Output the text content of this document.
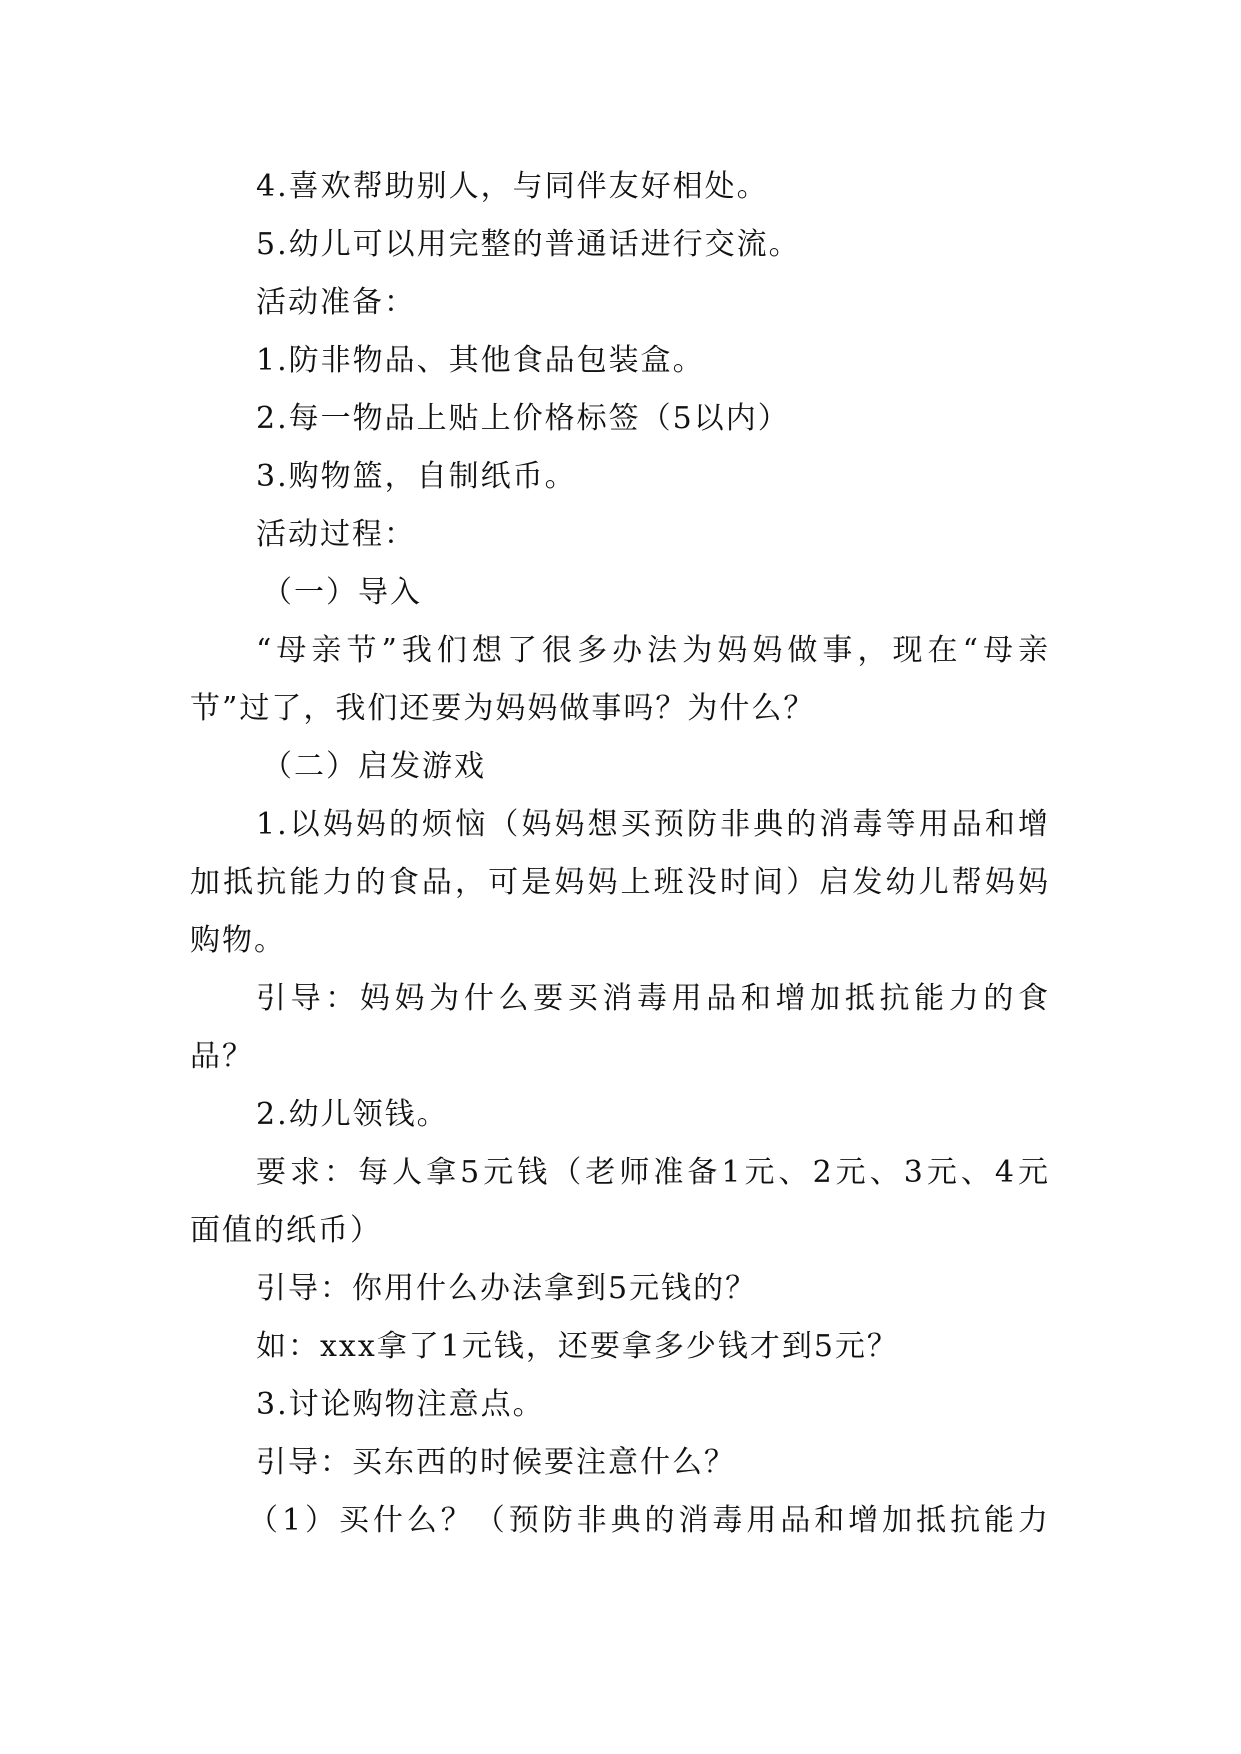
4.喜欢帮助别人，与同伴友好相处。
5.幼儿可以用完整的普通话进行交流。
活动准备：
1.防非物品、其他食品包装盒。
2.每一物品上贴上价格标签（5以内）
3.购物篮，自制纸币。
活动过程：
（一）导入
“母亲节”我们想了很多办法为妈妈做事，现在“母亲
节”过了，我们还要为妈妈做事吗？为什么？
（二）启发游戏
1.以妈妈的烦恼（妈妈想买预防非典的消毒等用品和增
加抵抗能力的食品，可是妈妈上班没时间）启发幼儿帮妈妈
购物。
引导：妈妈为什么要买消毒用品和增加抵抗能力的食
品？
2.幼儿领钱。
要求：每人拿5元钱（老师准备1元、2元、3元、4元
面值的纸币）
引导：你用什么办法拿到5元钱的？
如：xxx拿了1元钱，还要拿多少钱才到5元？
3.讨论购物注意点。
引导：买东西的时候要注意什么？
（1）买什么？（预防非典的消毒用品和增加抵抗能力
